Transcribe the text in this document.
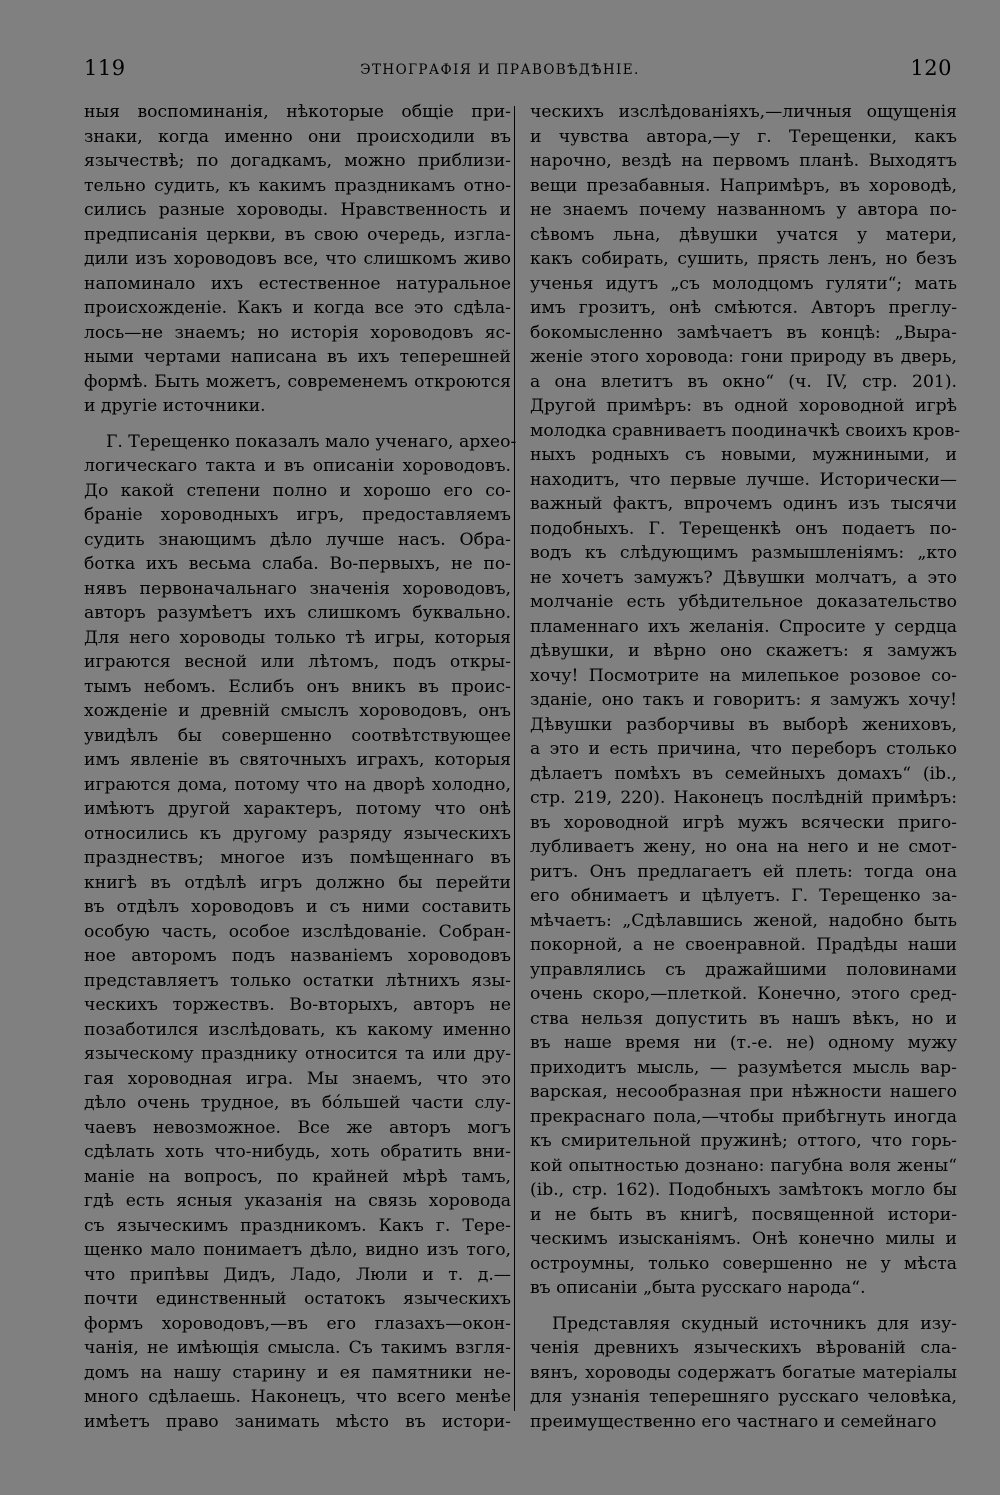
119	ЭТНОГРАФІЯ И ПРАВОВѢДѢНІЕ.	120
ныя воспоминанія, нѣкоторые общіе при-
знаки, когда именно они происходили въ
язычествѣ; по догадкамъ, можно приблизи-
тельно судить, къ какимъ праздникамъ отно-
сились разные хороводы. Нравственность и
предписанія церкви, въ свою очередь, изгла-
дили изъ хороводовъ все, что слишкомъ живо
напоминало ихъ естественное натуральное
происхожденіе. Какъ и когда все это сдѣла-
лось—не знаемъ; но исторія хороводовъ яс-
ными чертами написана въ ихъ теперешней
формѣ. Быть можетъ, современемъ откроются
и другіе источники.
Г. Терещенко показалъ мало ученаго, археo-
логическаго такта и въ описаніи хороводовъ.
До какой степени полно и хорошо его со-
браніе хороводныхъ игръ, предоставляемъ
судить знающимъ дѣло лучше насъ. Обра-
ботка ихъ весьма слаба. Во-первыхъ, не по-
нявъ первоначальнаго значенія хороводовъ,
авторъ разумѣетъ ихъ слишкомъ буквально.
Для него хороводы только тѣ игры, которыя
играются весной или лѣтомъ, подъ откры-
тымъ небомъ. Еслибъ онъ вникъ въ проис-
хожденіе и древній смыслъ хороводовъ, онъ
увидѣлъ бы совершенно соотвѣтствующее
имъ явленіе въ святочныхъ играхъ, которыя
играются дома, потому что на дворѣ холодно,
имѣютъ другой характеръ, потому что онѣ
относились къ другому разряду языческихъ
празднествъ; многое изъ помѣщеннаго въ
книгѣ въ отдѣлѣ игръ должно бы перейти
въ отдѣлъ хороводовъ и съ ними составить
особую часть, особое изслѣдованіе. Собран-
ное авторомъ подъ названіемъ хороводовъ
представляетъ только остатки лѣтнихъ язы-
ческихъ торжествъ. Во-вторыхъ, авторъ не
позаботился изслѣдовать, къ какому именно
языческому празднику относится та или дру-
гая хороводная игра. Мы знаемъ, что это
дѣло очень трудное, въ бóльшей части слу-
чаевъ невозможное. Все же авторъ могъ
сдѣлать хоть что-нибудь, хоть обратить вни-
маніе на вопросъ, по крайней мѣрѣ тамъ,
гдѣ есть ясныя указанія на связь хоровода
съ языческимъ праздникомъ. Какъ г. Tере-
щенко мало понимаетъ дѣло, видно изъ того,
что припѣвы Дидъ, Ладо, Люли и т. д.—
почти единственный остатокъ языческихъ
формъ хороводовъ,—въ его глазахъ—окон-
чанія, не имѣющія смысла. Съ такимъ взгля-
домъ на нашу старину и ея памятники не-
много сдѣлаешь. Наконецъ, что всего менѣе
имѣетъ право занимать мѣсто въ истори-
ческихъ изслѣдованіяхъ,—личныя ощущенія
и чувства автора,—у г. Терещенки, какъ
нарочно, вездѣ на первомъ планѣ. Выходятъ
вещи презабавныя. Напримѣръ, въ хороводѣ,
не знаемъ почему названномъ у автора по-
сѣвомъ льна, дѣвушки учатся у матери,
какъ собирать, сушить, прясть ленъ, но безъ
ученья идутъ „съ молодцомъ гуляти“; мать
имъ грозитъ, онѣ смѣются. Авторъ преглу-
бокомысленно замѣчаетъ въ концѣ: „Выра-
женіе этого хоровода: гони природу въ дверь,
а она влетитъ въ окно“ (ч. IV, стр. 201).
Другой примѣръ: въ одной хороводной игрѣ
молодка сравниваетъ поодиначкѣ своихъ кров-
ныхъ родныхъ съ новыми, мужниными, и
находитъ, что первые лучше. Исторически—
важный фактъ, впрочемъ одинъ изъ тысячи
подобныхъ. Г. Терещенкѣ онъ подаетъ по-
водъ къ слѣдующимъ размышленіямъ: „кто
не хочетъ замужъ? Дѣвушки молчатъ, а это
молчаніе есть убѣдительное доказательство
пламеннаго ихъ желанія. Спросите у сердца
дѣвушки, и вѣрно оно скажетъ: я замужъ
хочу! Посмотрите на милепькое розовое со-
зданіе, оно такъ и говоритъ: я замужъ хочу!
Дѣвушки разборчивы въ выборѣ жениховъ,
а это и есть причина, что переборъ столько
дѣлаетъ помѣхъ въ семейныхъ домахъ“ (ib.,
стр. 219, 220). Наконецъ послѣдній примѣръ:
въ хороводной игрѣ мужъ всячески приго-
лубливаетъ жену, но она на него и не смот-
ритъ. Онъ предлагаетъ ей плеть: тогда она
его обнимаетъ и цѣлуетъ. Г. Терещенко за-
мѣчаетъ: „Сдѣлавшись женой, надобно быть
покорной, а не своенравной. Прадѣды наши
управлялись съ дражайшими половинами
очень скоро,—плеткой. Конечно, этого сред-
ства нельзя допустить въ нашъ вѣкъ, но и
въ наше время ни (т.-е. не) одному мужу
приходитъ мысль, — разумѣется мысль вар-
варская, несообразная при нѣжности нашего
прекраснаго пола,—чтобы прибѣгнуть иногда
къ смирительной пружинѣ; оттого, что горь-
кой опытностью дознано: пагубна воля жены“
(ib., стр. 162). Подобныхъ замѣтокъ могло бы
и не быть въ книгѣ, посвященной истори-
ческимъ изысканіямъ. Онѣ конечно милы и
остроумны, только совершенно не у мѣста
въ описаніи „быта русскаго народа“.
Представляя скудный источникъ для изу-
ченія древнихъ языческихъ вѣрованій сла-
вянъ, хороводы содержатъ богатые матеріалы
для узнанія теперешняго русскаго человѣка,
преимущественно его частнаго и семейнаго
